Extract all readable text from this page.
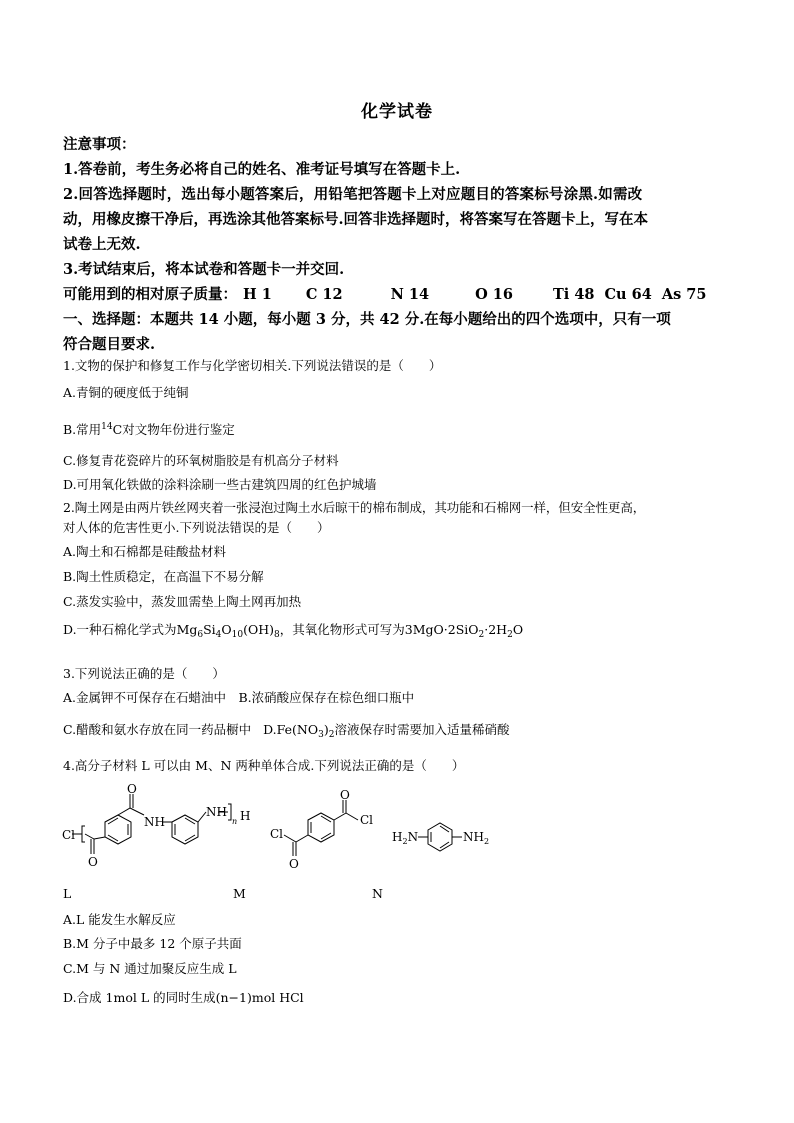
化学试卷

注意事项：

1.答卷前，考生务必将自己的姓名、准考证号填写在答题卡上.

2.回答选择题时，选出每小题答案后，用铅笔把答题卡上对应题目的答案标号涂黑.如需改

动，用橡皮擦干净后，再选涂其他答案标号.回答非选择题时，将答案写在答题卡上，写在本

试卷上无效.

3.考试结束后，将本试卷和答题卡一并交回.

可能用到的相对原子质量： H 1 C 12	N 14	O 16	Ti 48 Cu 64 As 75

一、选择题：本题共 14 小题，每小题 3 分，共 42 分.在每小题给出的四个选项中，只有一项

符合题目要求.

1.文物的保护和修复工作与化学密切相关.下列说法错误的是（　　）

A.青铜的硬度低于纯铜

B.常用$^{14}$C对文物年份进行鉴定

C.修复青花瓷碎片的环氧树脂胶是有机高分子材料

D.可用氧化铁做的涂料涂刷一些古建筑四周的红色护城墙

2.陶土网是由两片铁丝网夹着一张浸泡过陶土水后晾干的棉布制成，其功能和石棉网一样，但安全性更高，

对人体的危害性更小.下列说法错误的是（　　）

A.陶土和石棉都是硅酸盐材料

B.陶土性质稳定，在高温下不易分解

C.蒸发实验中，蒸发皿需垫上陶土网再加热

D.一种石棉化学式为$Mg_6Si_4O_{10}(OH)_8$，其氧化物形式可写为$3MgO\cdot 2SiO_2\cdot 2H_2O$

3.下列说法正确的是（　　）

A.金属钾不可保存在石蜡油中　B.浓硝酸应保存在棕色细口瓶中

C.醋酸和氨水存放在同一药品橱中 $D.Fe(NO_3)_2$溶液保存时需要加入适量稀硝酸

4.高分子材料 L 可以由 M、N 两种单体合成.下列说法正确的是（　　）

Cl
O
O
NH
NH
n H
Cl
O
O
Cl
$H_2N$	$NH_2$
L	M	N

A.L 能发生水解反应

B.M 分子中最多 12 个原子共面

C.M 与 N 通过加聚反应生成 L

D.合成 1mol L 的同时生成(n−1)mol HCl
